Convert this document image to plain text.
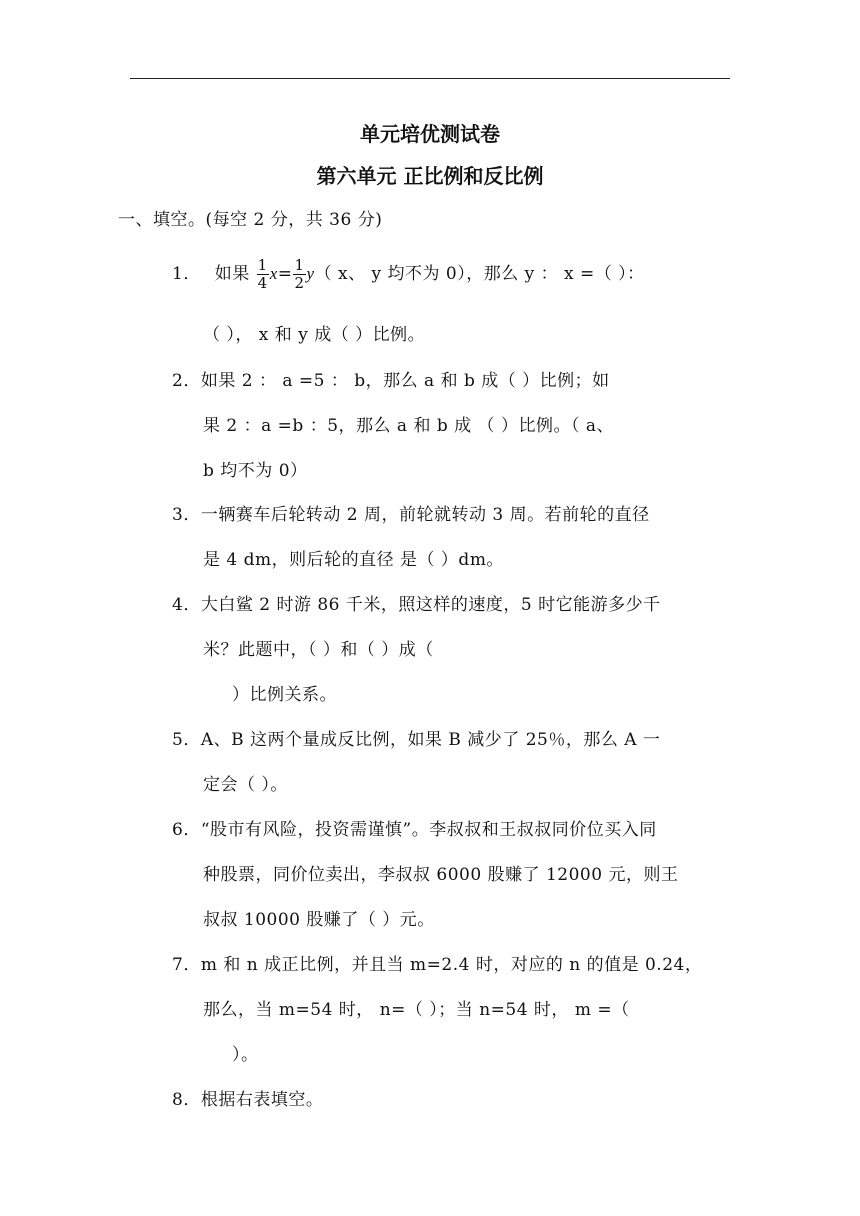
单元培优测试卷
第六单元 正比例和反比例
一、填空。(每空 2 分，共 36 分)
1． 如果 $\frac{1}{4} x= \frac{1}{2} y$（ x、 y 均不为 0），那么 y ： x =（ ）：
（ ）， x 和 y 成（ ）比例。
2．如果 2 ： a =5 ： b，那么 a 和 b 成（ ）比例；如
果 2 ：a =b ：5，那么 a 和 b 成 （ ）比例。（ a、
b 均不为 0）
3．一辆赛车后轮转动 2 周，前轮就转动 3 周。若前轮的直径
是 4 dm，则后轮的直径 是（ ）dm。
4．大白鲨 2 时游 86 千米，照这样的速度，5 时它能游多少千
米？此题中，（ ）和（ ）成（
）比例关系。
5．A、B 这两个量成反比例，如果 B 减少了 25％，那么 A 一
定会（ ）。
6．“股市有风险，投资需谨慎”。李叔叔和王叔叔同价位买入同
种股票，同价位卖出，李叔叔 6000 股赚了 12000 元，则王
叔叔 10000 股赚了（ ）元。
7．m 和 n 成正比例，并且当 m=2.4 时，对应的 n 的值是 0.24，
那么，当 m=54 时， n=（ ）；当 n=54 时， m =（
）。
8．根据右表填空。
